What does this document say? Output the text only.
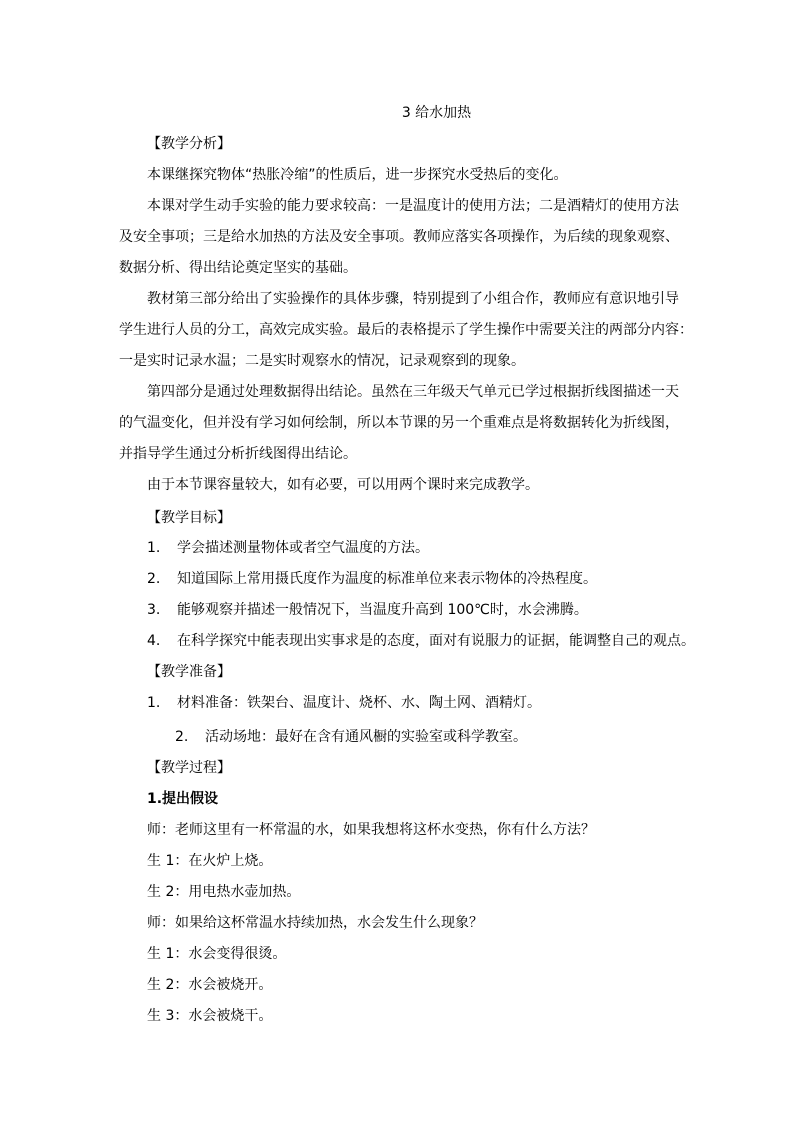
3 给水加热
【教学分析】
本课继探究物体“热胀冷缩”的性质后，进一步探究水受热后的变化。
本课对学生动手实验的能力要求较高：一是温度计的使用方法；二是酒精灯的使用方法
及安全事项；三是给水加热的方法及安全事项。教师应落实各项操作，为后续的现象观察、
数据分析、得出结论奠定坚实的基础。
教材第三部分给出了实验操作的具体步骤，特别提到了小组合作，教师应有意识地引导
学生进行人员的分工，高效完成实验。最后的表格提示了学生操作中需要关注的两部分内容：
一是实时记录水温；二是实时观察水的情况，记录观察到的现象。
第四部分是通过处理数据得出结论。虽然在三年级天气单元已学过根据折线图描述一天
的气温变化，但并没有学习如何绘制，所以本节课的另一个重难点是将数据转化为折线图，
并指导学生通过分析折线图得出结论。
由于本节课容量较大，如有必要，可以用两个课时来完成教学。
【教学目标】
1. 学会描述测量物体或者空气温度的方法。
2. 知道国际上常用摄氏度作为温度的标准单位来表示物体的冷热程度。
3. 能够观察并描述一般情况下，当温度升高到 100℃时，水会沸腾。
4. 在科学探究中能表现出实事求是的态度，面对有说服力的证据，能调整自己的观点。
【教学准备】
1. 材料准备：铁架台、温度计、烧杯、水、陶土网、酒精灯。
2. 活动场地：最好在含有通风橱的实验室或科学教室。
【教学过程】
1.提出假设
师：老师这里有一杯常温的水，如果我想将这杯水变热，你有什么方法？
生 1：在火炉上烧。
生 2：用电热水壶加热。
师：如果给这杯常温水持续加热，水会发生什么现象？
生 1：水会变得很烫。
生 2：水会被烧开。
生 3：水会被烧干。
